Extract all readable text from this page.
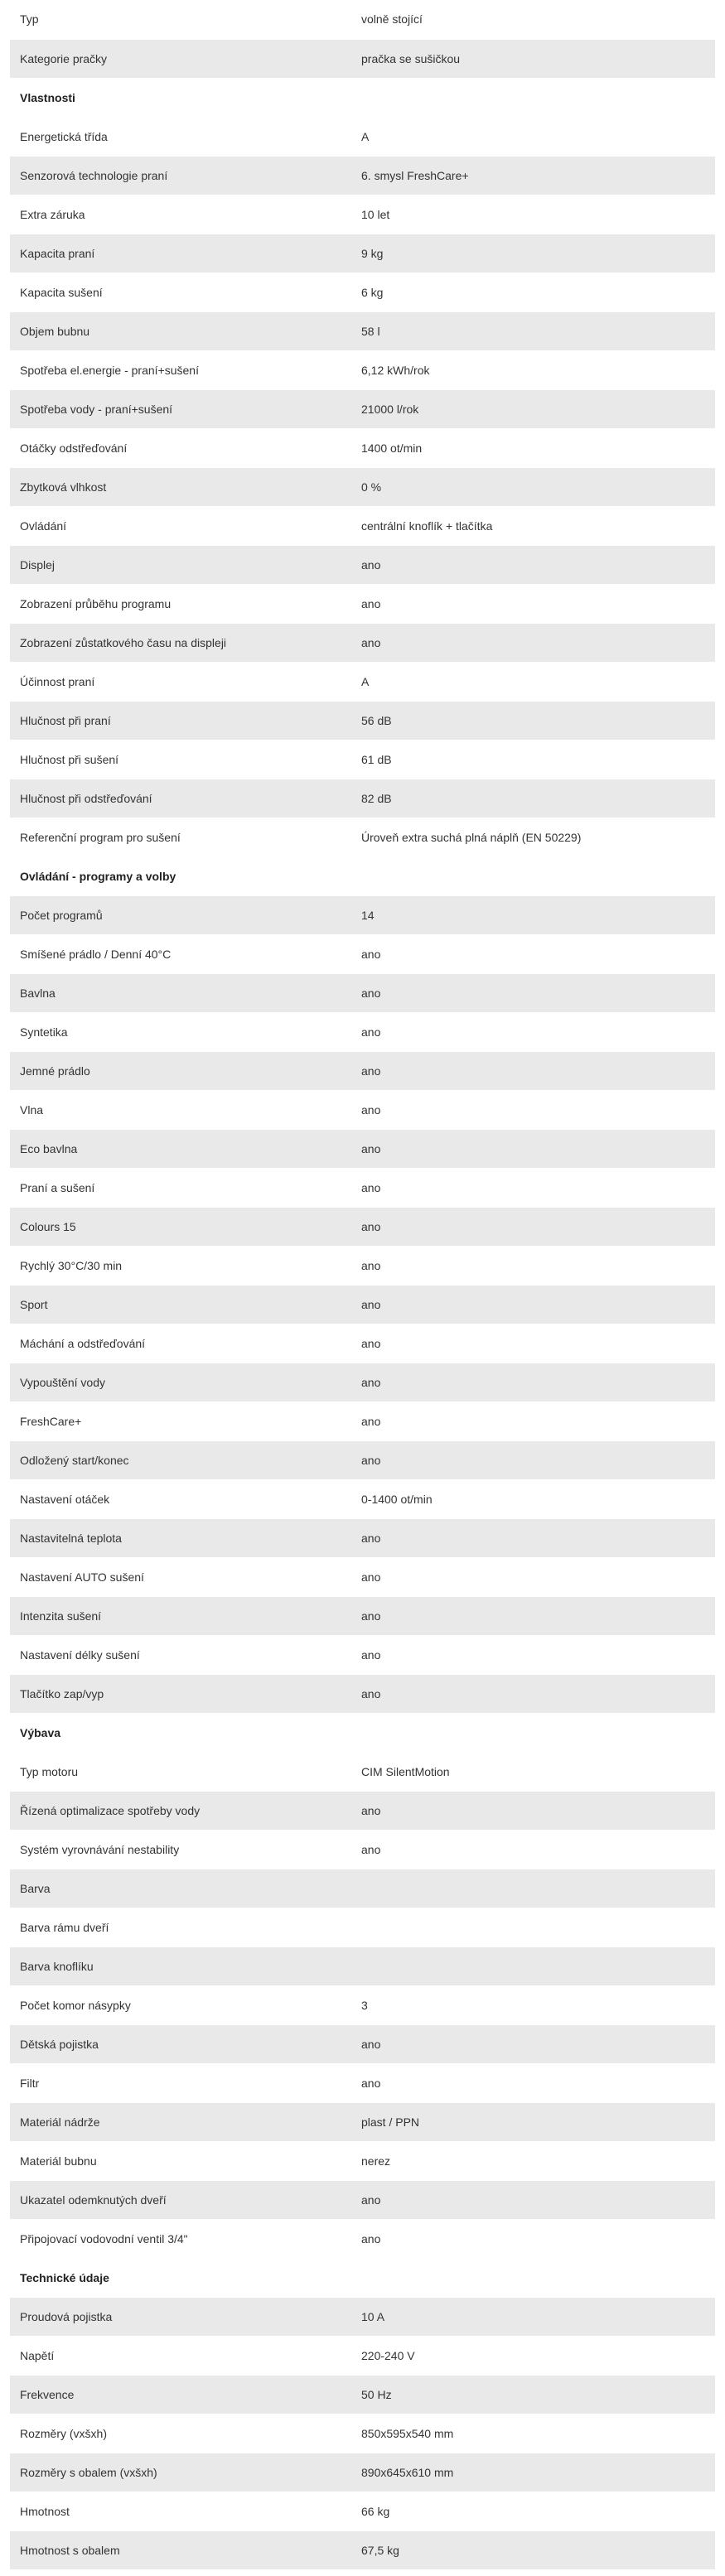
Typ	volně stojící
Kategorie pračky	pračka se sušičkou
Vlastnosti	
Energetická třída	A
Senzorová technologie praní	6. smysl FreshCare+
Extra záruka	10 let
Kapacita praní	9 kg
Kapacita sušení	6 kg
Objem bubnu	58 l
Spotřeba el.energie - praní+sušení	6,12 kWh/rok
Spotřeba vody - praní+sušení	21000 l/rok
Otáčky odstřeďování	1400 ot/min
Zbytková vlhkost	0 %
Ovládání	centrální knoflík + tlačítka
Displej	ano
Zobrazení průběhu programu	ano
Zobrazení zůstatkového času na displeji	ano
Účinnost praní	A
Hlučnost při praní	56 dB
Hlučnost při sušení	61 dB
Hlučnost při odstřeďování	82 dB
Referenční program pro sušení	Úroveň extra suchá plná náplň (EN 50229)
Ovládání - programy a volby	
Počet programů	14
Smíšené prádlo / Denní 40°C	ano
Bavlna	ano
Syntetika	ano
Jemné prádlo	ano
Vlna	ano
Eco bavlna	ano
Praní a sušení	ano
Colours 15	ano
Rychlý 30°C/30 min	ano
Sport	ano
Máchání a odstřeďování	ano
Vypouštění vody	ano
FreshCare+	ano
Odložený start/konec	ano
Nastavení otáček	0-1400 ot/min
Nastavitelná teplota	ano
Nastavení AUTO sušení	ano
Intenzita sušení	ano
Nastavení délky sušení	ano
Tlačítko zap/vyp	ano
Výbava	
Typ motoru	CIM SilentMotion
Řízená optimalizace spotřeby vody	ano
Systém vyrovnávání nestability	ano
Barva	
Barva rámu dveří	
Barva knoflíku	
Počet komor násypky	3
Dětská pojistka	ano
Filtr	ano
Materiál nádrže	plast / PPN
Materiál bubnu	nerez
Ukazatel odemknutých dveří	ano
Připojovací vodovodní ventil 3/4"	ano
Technické údaje	
Proudová pojistka	10 A
Napětí	220-240 V
Frekvence	50 Hz
Rozměry (vxšxh)	850x595x540 mm
Rozměry s obalem (vxšxh)	890x645x610 mm
Hmotnost	66 kg
Hmotnost s obalem	67,5 kg
